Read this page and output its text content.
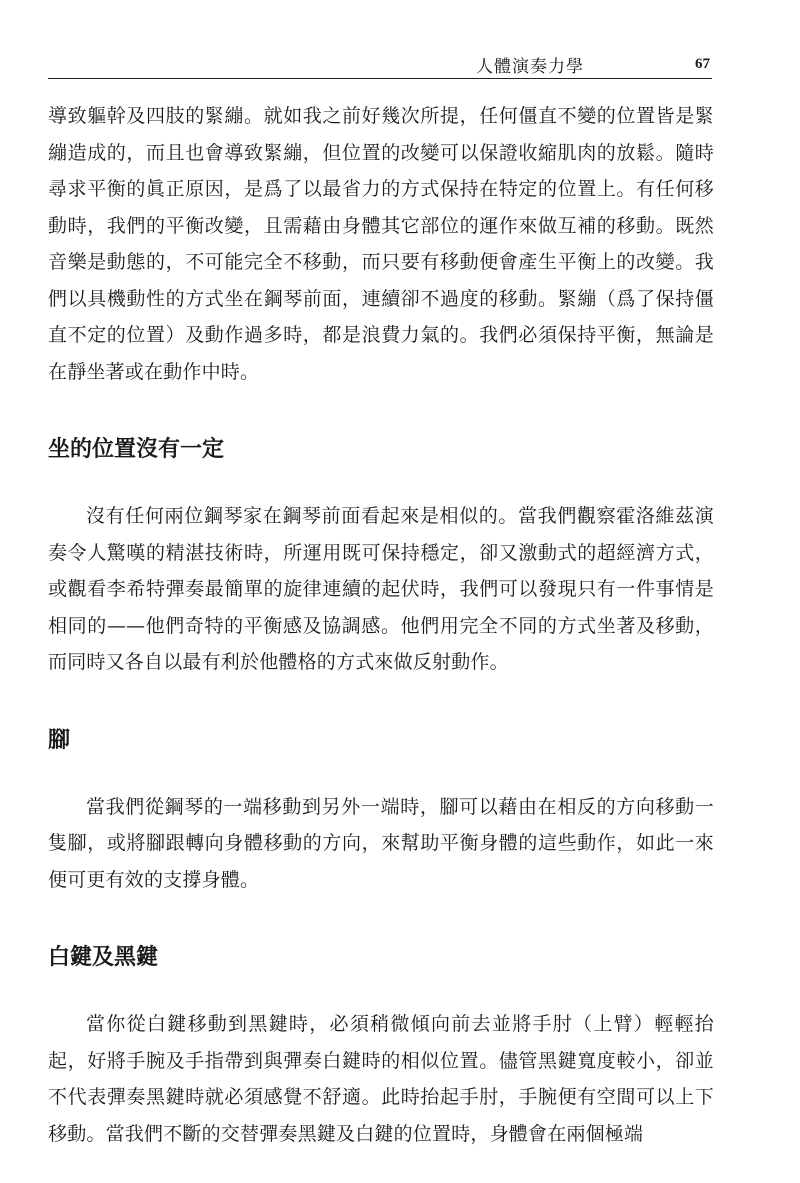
人體演奏力學	67

導致軀幹及四肢的緊繃。就如我之前好幾次所提，任何僵直不變的位置皆是緊繃造成的，而且也會導致緊繃，但位置的改變可以保證收縮肌肉的放鬆。隨時尋求平衡的眞正原因，是爲了以最省力的方式保持在特定的位置上。有任何移動時，我們的平衡改變，且需藉由身體其它部位的運作來做互補的移動。既然音樂是動態的，不可能完全不移動，而只要有移動便會產生平衡上的改變。我們以具機動性的方式坐在鋼琴前面，連續卻不過度的移動。緊繃（爲了保持僵直不定的位置）及動作過多時，都是浪費力氣的。我們必須保持平衡，無論是在靜坐著或在動作中時。

坐的位置沒有一定

沒有任何兩位鋼琴家在鋼琴前面看起來是相似的。當我們觀察霍洛維茲演奏令人驚嘆的精湛技術時，所運用既可保持穩定，卻又激動式的超經濟方式，或觀看李希特彈奏最簡單的旋律連續的起伏時，我們可以發現只有一件事情是相同的——他們奇特的平衡感及協調感。他們用完全不同的方式坐著及移動，而同時又各自以最有利於他體格的方式來做反射動作。

腳

當我們從鋼琴的一端移動到另外一端時，腳可以藉由在相反的方向移動一隻腳，或將腳跟轉向身體移動的方向，來幫助平衡身體的這些動作，如此一來便可更有效的支撐身體。

白鍵及黑鍵

當你從白鍵移動到黑鍵時，必須稍微傾向前去並將手肘（上臂）輕輕抬起，好將手腕及手指帶到與彈奏白鍵時的相似位置。儘管黑鍵寬度較小，卻並不代表彈奏黑鍵時就必須感覺不舒適。此時抬起手肘，手腕便有空間可以上下移動。當我們不斷的交替彈奏黑鍵及白鍵的位置時，身體會在兩個極端
